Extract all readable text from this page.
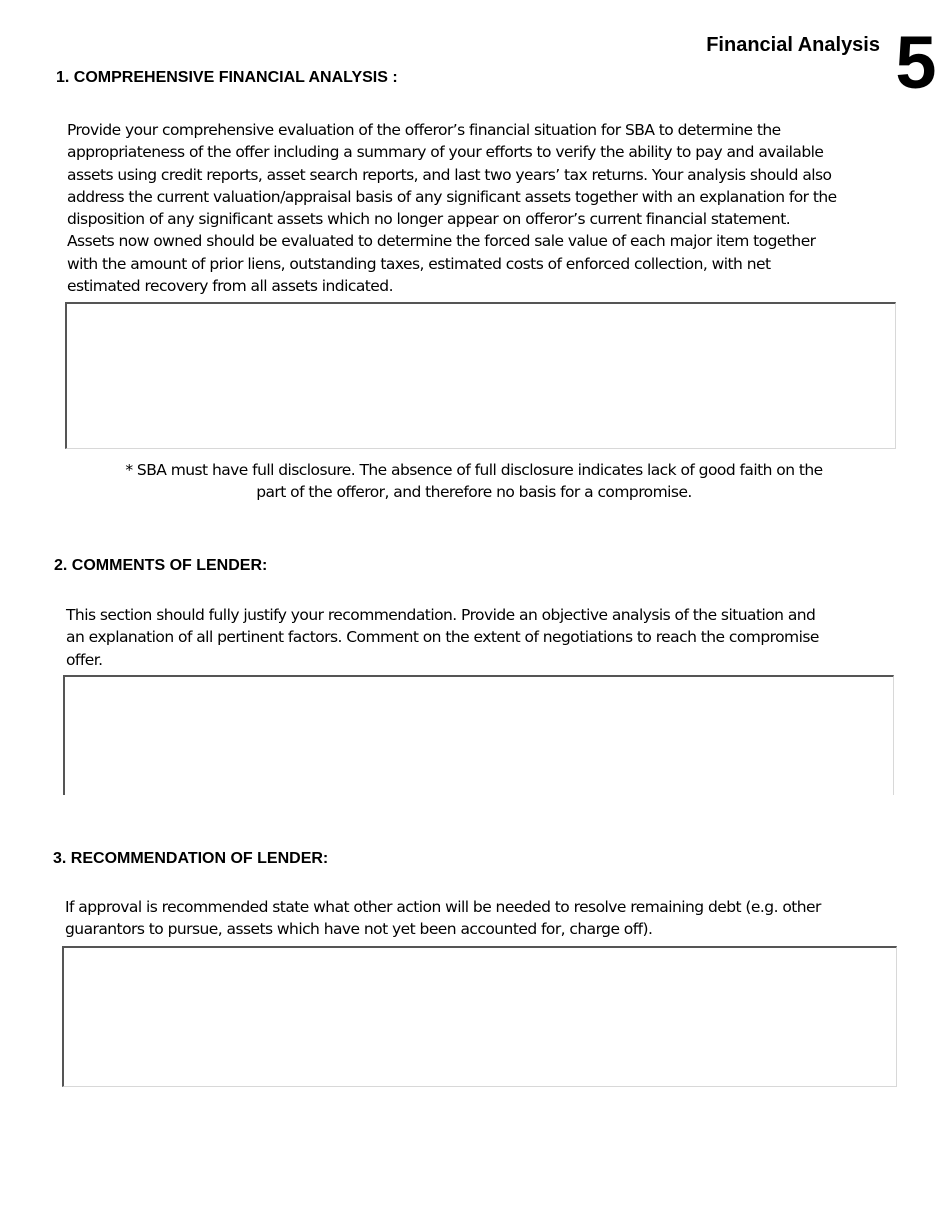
Financial Analysis 5
1. COMPREHENSIVE FINANCIAL ANALYSIS :
Provide your comprehensive evaluation of the offeror’s financial situation for SBA to determine the
appropriateness of the offer including a summary of your efforts to verify the ability to pay and available
assets using credit reports, asset search reports, and last two years’ tax returns. Your analysis should also
address the current valuation/appraisal basis of any significant assets together with an explanation for the
disposition of any significant assets which no longer appear on offeror’s current financial statement.
Assets now owned should be evaluated to determine the forced sale value of each major item together
with the amount of prior liens, outstanding taxes, estimated costs of enforced collection, with net
estimated recovery from all assets indicated.
* SBA must have full disclosure. The absence of full disclosure indicates lack of good faith on the
part of the offeror, and therefore no basis for a compromise.
2. COMMENTS OF LENDER:
This section should fully justify your recommendation. Provide an objective analysis of the situation and
an explanation of all pertinent factors. Comment on the extent of negotiations to reach the compromise
offer.
3. RECOMMENDATION OF LENDER:
If approval is recommended state what other action will be needed to resolve remaining debt (e.g. other
guarantors to pursue, assets which have not yet been accounted for, charge off).
